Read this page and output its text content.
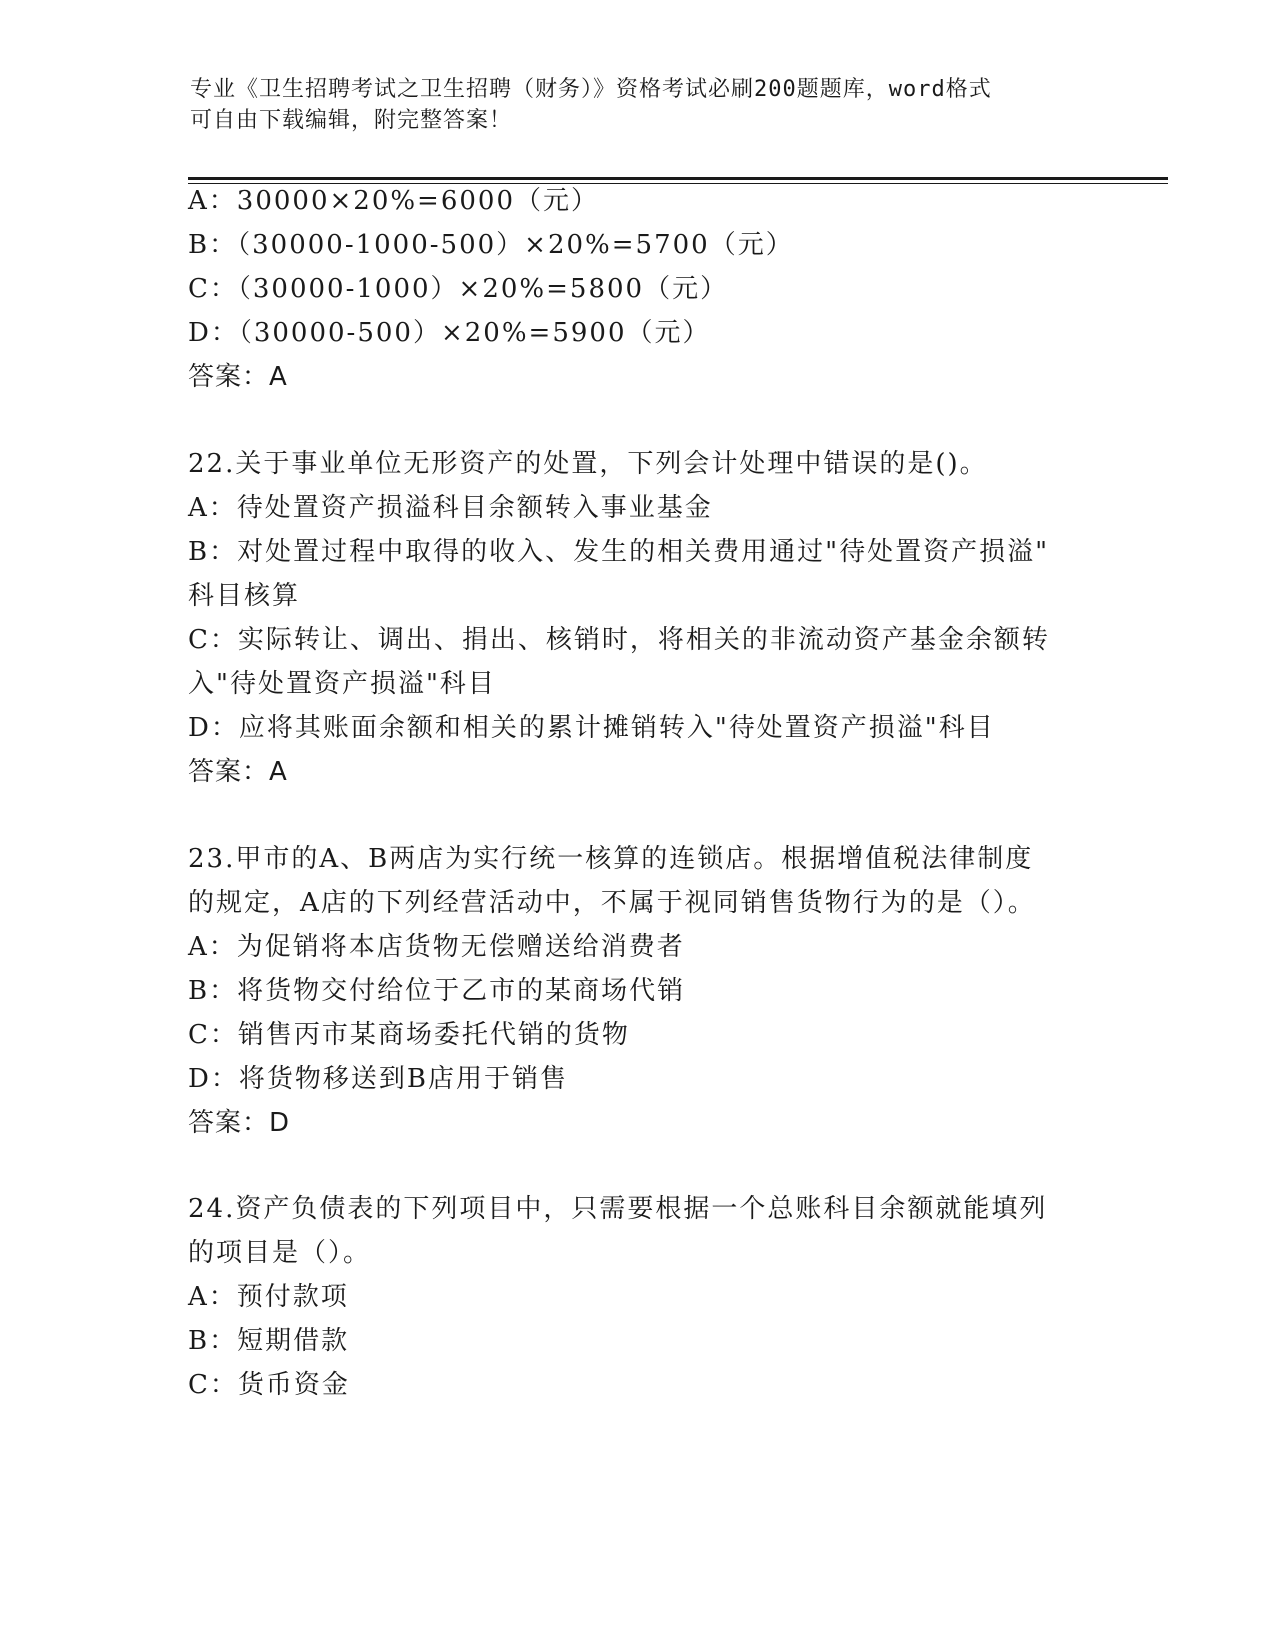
专业《卫生招聘考试之卫生招聘（财务）》资格考试必刷200题题库，word格式
可自由下载编辑，附完整答案！
A：30000×20%=6000（元）
B：（30000-1000-500）×20%=5700（元）
C：（30000-1000）×20%=5800（元）
D：（30000-500）×20%=5900（元）
答案：A
22.关于事业单位无形资产的处置，下列会计处理中错误的是()。
A：待处置资产损溢科目余额转入事业基金
B：对处置过程中取得的收入、发生的相关费用通过"待处置资产损溢"
科目核算
C：实际转让、调出、捐出、核销时，将相关的非流动资产基金余额转
入"待处置资产损溢"科目
D：应将其账面余额和相关的累计摊销转入"待处置资产损溢"科目
答案：A
23.甲市的A、B两店为实行统一核算的连锁店。根据增值税法律制度
的规定，A店的下列经营活动中，不属于视同销售货物行为的是（）。
A：为促销将本店货物无偿赠送给消费者
B：将货物交付给位于乙市的某商场代销
C：销售丙市某商场委托代销的货物
D：将货物移送到B店用于销售
答案：D
24.资产负债表的下列项目中，只需要根据一个总账科目余额就能填列
的项目是（）。
A：预付款项
B：短期借款
C：货币资金
